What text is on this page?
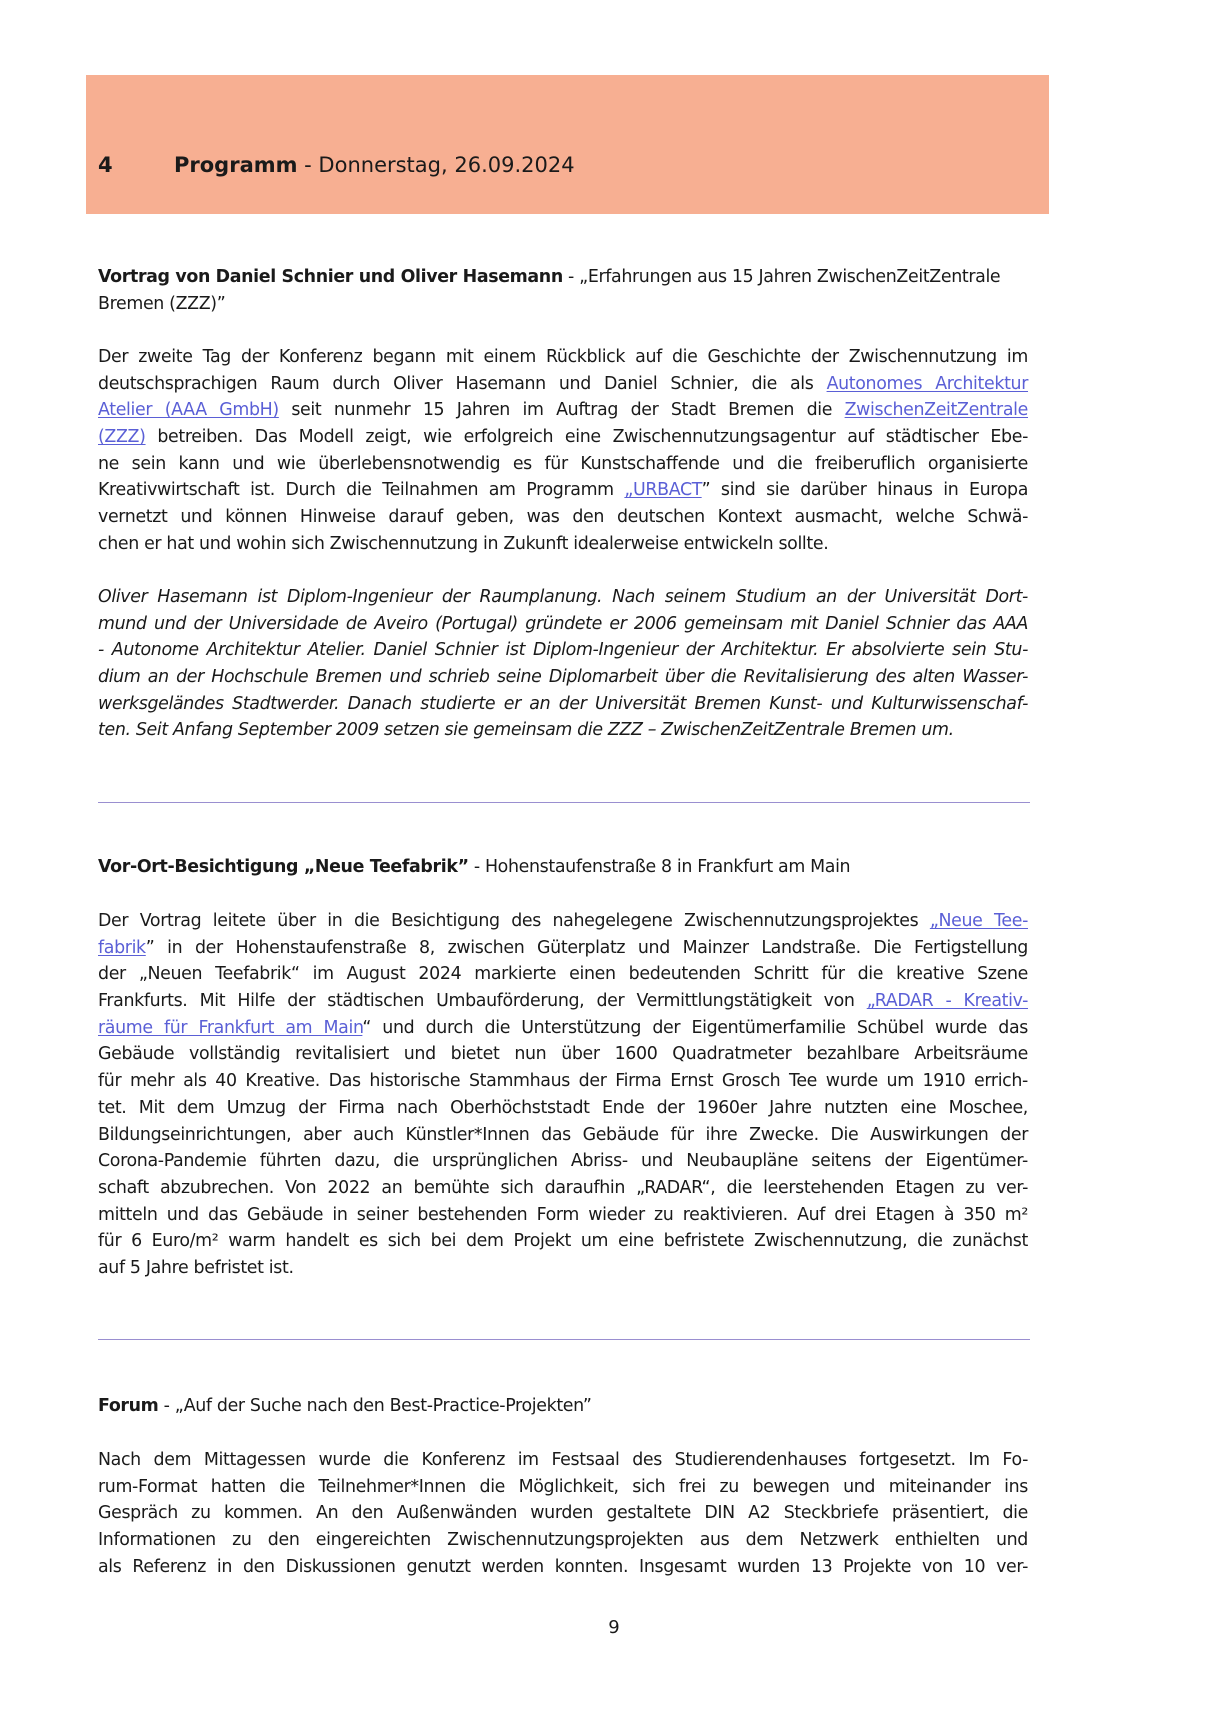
4	Programm - Donnerstag, 26.09.2024
Vortrag von Daniel Schnier und Oliver Hasemann - „Erfahrungen aus 15 Jahren ZwischenZeitZentrale
Bremen (ZZZ)”
Der zweite Tag der Konferenz begann mit einem Rückblick auf die Geschichte der Zwischennutzung im
deutschsprachigen Raum durch Oliver Hasemann und Daniel Schnier, die als Autonomes Architektur
Atelier (AAA GmbH) seit nunmehr 15 Jahren im Auftrag der Stadt Bremen die ZwischenZeitZentrale
(ZZZ) betreiben. Das Modell zeigt, wie erfolgreich eine Zwischennutzungsagentur auf städtischer Ebe-
ne sein kann und wie überlebensnotwendig es für Kunstschaffende und die freiberuflich organisierte
Kreativwirtschaft ist. Durch die Teilnahmen am Programm „URBACT” sind sie darüber hinaus in Europa
vernetzt und können Hinweise darauf geben, was den deutschen Kontext ausmacht, welche Schwä-
chen er hat und wohin sich Zwischennutzung in Zukunft idealerweise entwickeln sollte.
Oliver Hasemann ist Diplom-Ingenieur der Raumplanung. Nach seinem Studium an der Universität Dort-
mund und der Universidade de Aveiro (Portugal) gründete er 2006 gemeinsam mit Daniel Schnier das AAA
- Autonome Architektur Atelier. Daniel Schnier ist Diplom-Ingenieur der Architektur. Er absolvierte sein Stu-
dium an der Hochschule Bremen und schrieb seine Diplomarbeit über die Revitalisierung des alten Wasser-
werksgeländes Stadtwerder. Danach studierte er an der Universität Bremen Kunst- und Kulturwissenschaf-
ten. Seit Anfang September 2009 setzen sie gemeinsam die ZZZ – ZwischenZeitZentrale Bremen um.
Vor-Ort-Besichtigung „Neue Teefabrik” - Hohenstaufenstraße 8 in Frankfurt am Main
Der Vortrag leitete über in die Besichtigung des nahegelegene Zwischennutzungsprojektes „Neue Tee-
fabrik” in der Hohenstaufenstraße 8, zwischen Güterplatz und Mainzer Landstraße. Die Fertigstellung
der „Neuen Teefabrik“ im August 2024 markierte einen bedeutenden Schritt für die kreative Szene
Frankfurts. Mit Hilfe der städtischen Umbauförderung, der Vermittlungstätigkeit von „RADAR - Kreativ-
räume für Frankfurt am Main“ und durch die Unterstützung der Eigentümerfamilie Schübel wurde das
Gebäude vollständig revitalisiert und bietet nun über 1600 Quadratmeter bezahlbare Arbeitsräume
für mehr als 40 Kreative. Das historische Stammhaus der Firma Ernst Grosch Tee wurde um 1910 errich-
tet. Mit dem Umzug der Firma nach Oberhöchststadt Ende der 1960er Jahre nutzten eine Moschee,
Bildungseinrichtungen, aber auch Künstler*Innen das Gebäude für ihre Zwecke. Die Auswirkungen der
Corona-Pandemie führten dazu, die ursprünglichen Abriss- und Neubaupläne seitens der Eigentümer-
schaft abzubrechen. Von 2022 an bemühte sich daraufhin „RADAR“, die leerstehenden Etagen zu ver-
mitteln und das Gebäude in seiner bestehenden Form wieder zu reaktivieren. Auf drei Etagen à 350 m²
für 6 Euro/m² warm handelt es sich bei dem Projekt um eine befristete Zwischennutzung, die zunächst
auf 5 Jahre befristet ist.
Forum - „Auf der Suche nach den Best-Practice-Projekten”
Nach dem Mittagessen wurde die Konferenz im Festsaal des Studierendenhauses fortgesetzt. Im Fo-
rum-Format hatten die Teilnehmer*Innen die Möglichkeit, sich frei zu bewegen und miteinander ins
Gespräch zu kommen. An den Außenwänden wurden gestaltete DIN A2 Steckbriefe präsentiert, die
Informationen zu den eingereichten Zwischennutzungsprojekten aus dem Netzwerk enthielten und
als Referenz in den Diskussionen genutzt werden konnten. Insgesamt wurden 13 Projekte von 10 ver-
9
